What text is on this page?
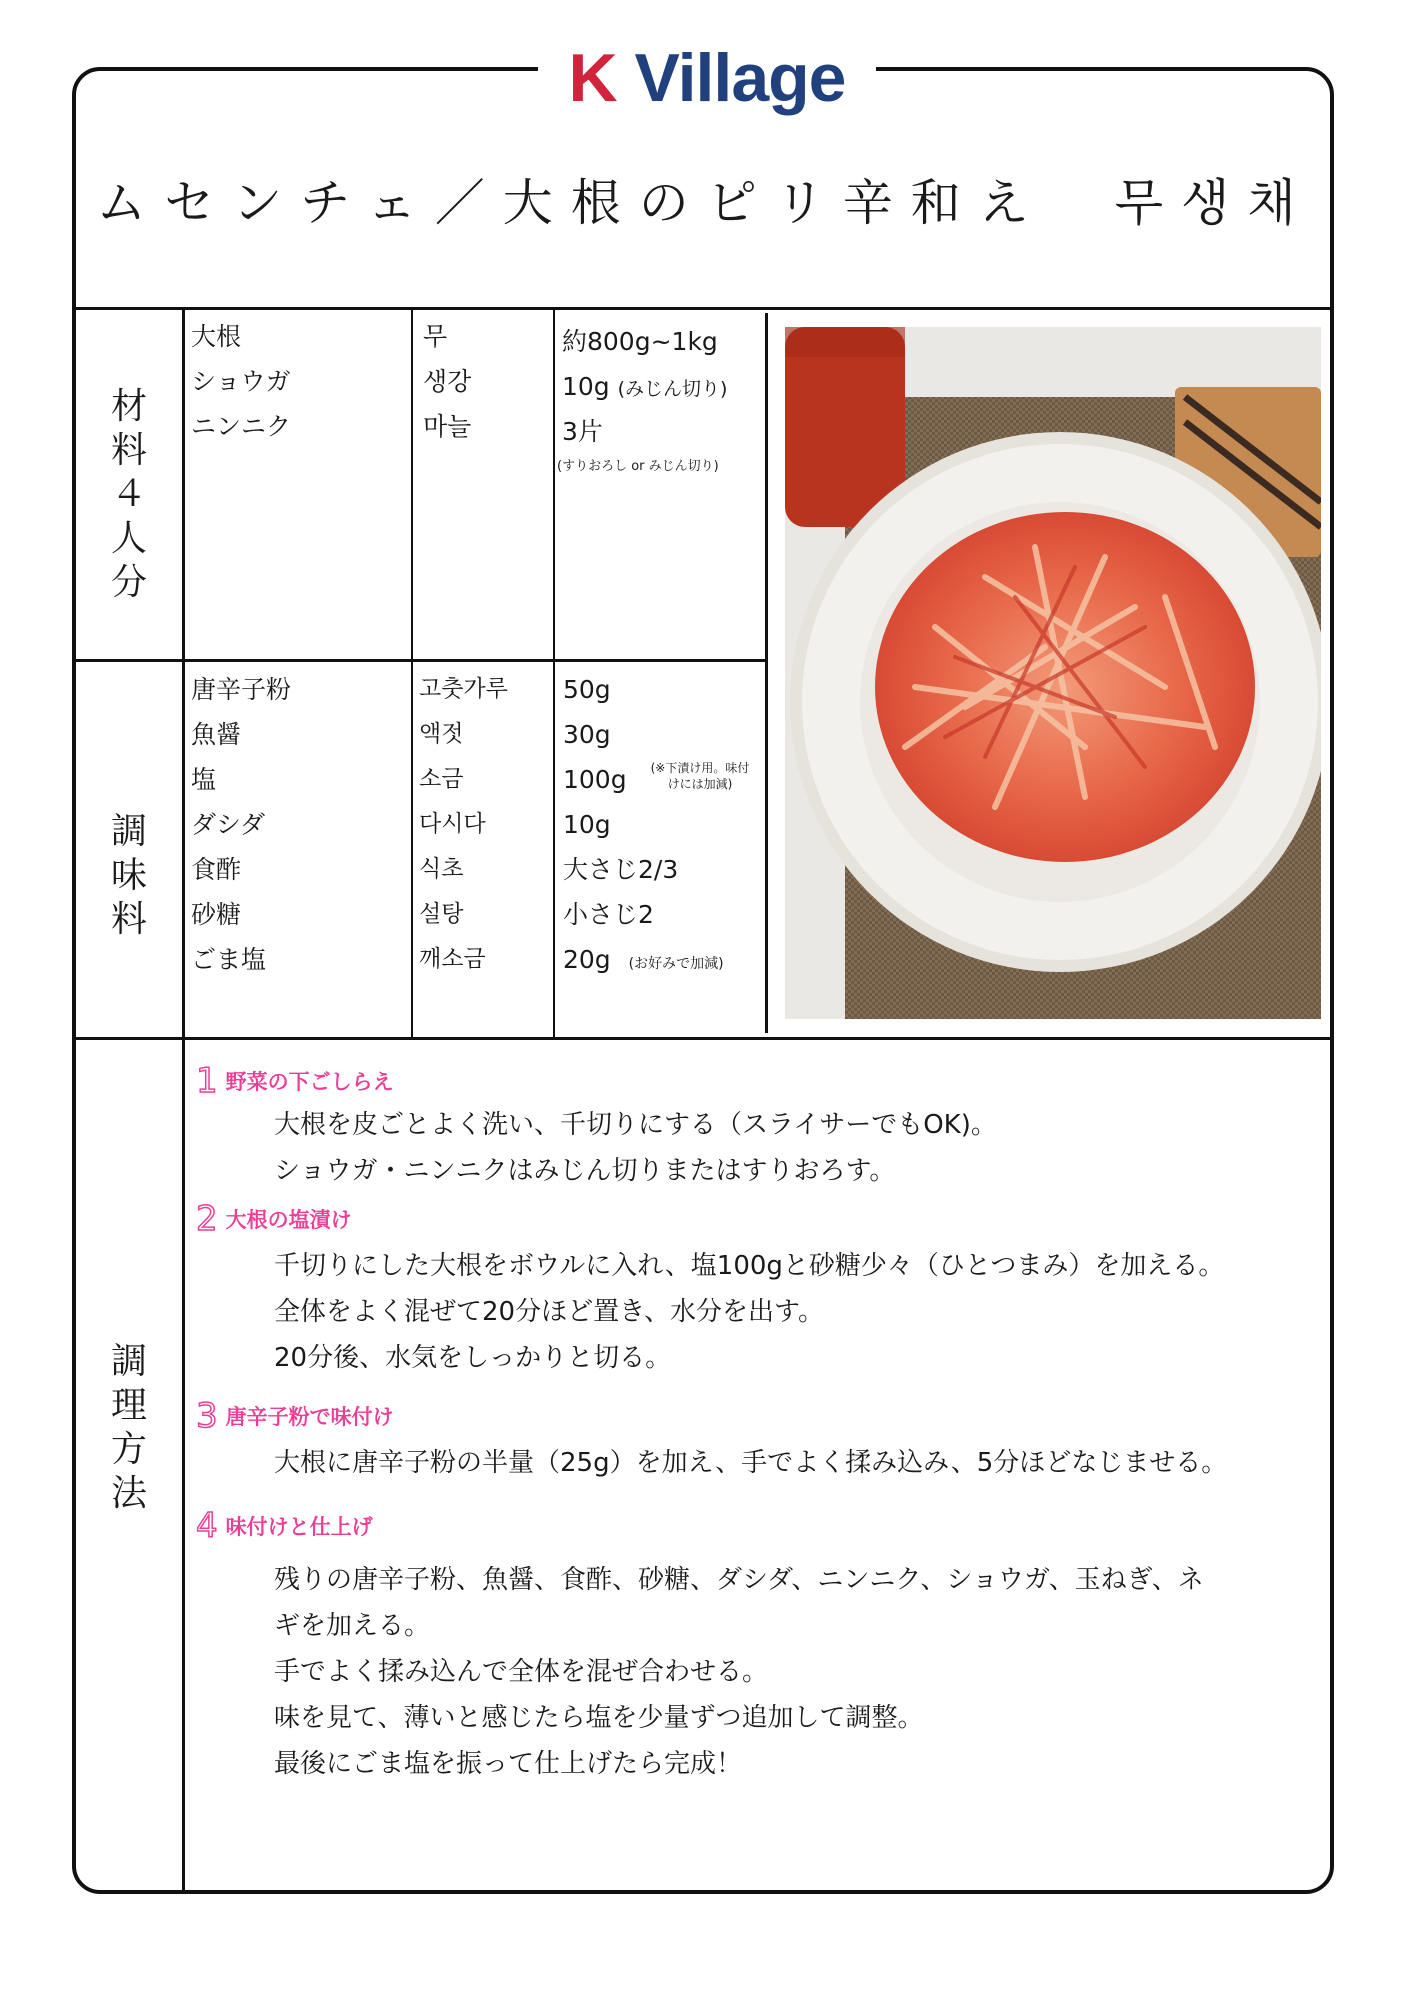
K Village
ムセンチェ／大根のピリ辛和え　무생채
材料４人分
調味料
調理方法
大根
ショウガ
ニンニク
무
생강
마늘
約800g~1kg
10g (みじん切り)
3片
(すりおろし or みじん切り)
唐辛子粉
魚醤
塩
ダシダ
食酢
砂糖
ごま塩
고춧가루
액젓
소금
다시다
식초
설탕
깨소금
50g
30g
100g
10g
大さじ2/3
小さじ2
20g (お好みで加減)
(※下漬け用。味付けには加減)
1 野菜の下ごしらえ
大根を皮ごとよく洗い、千切りにする（スライサーでもOK)。
ショウガ・ニンニクはみじん切りまたはすりおろす。
2 大根の塩漬け
千切りにした大根をボウルに入れ、塩100gと砂糖少々（ひとつまみ）を加える。
全体をよく混ぜて20分ほど置き、水分を出す。
20分後、水気をしっかりと切る。
3 唐辛子粉で味付け
大根に唐辛子粉の半量（25g）を加え、手でよく揉み込み、5分ほどなじませる。
4 味付けと仕上げ
残りの唐辛子粉、魚醤、食酢、砂糖、ダシダ、ニンニク、ショウガ、玉ねぎ、ネ
ギを加える。
手でよく揉み込んで全体を混ぜ合わせる。
味を見て、薄いと感じたら塩を少量ずつ追加して調整。
最後にごま塩を振って仕上げたら完成！
